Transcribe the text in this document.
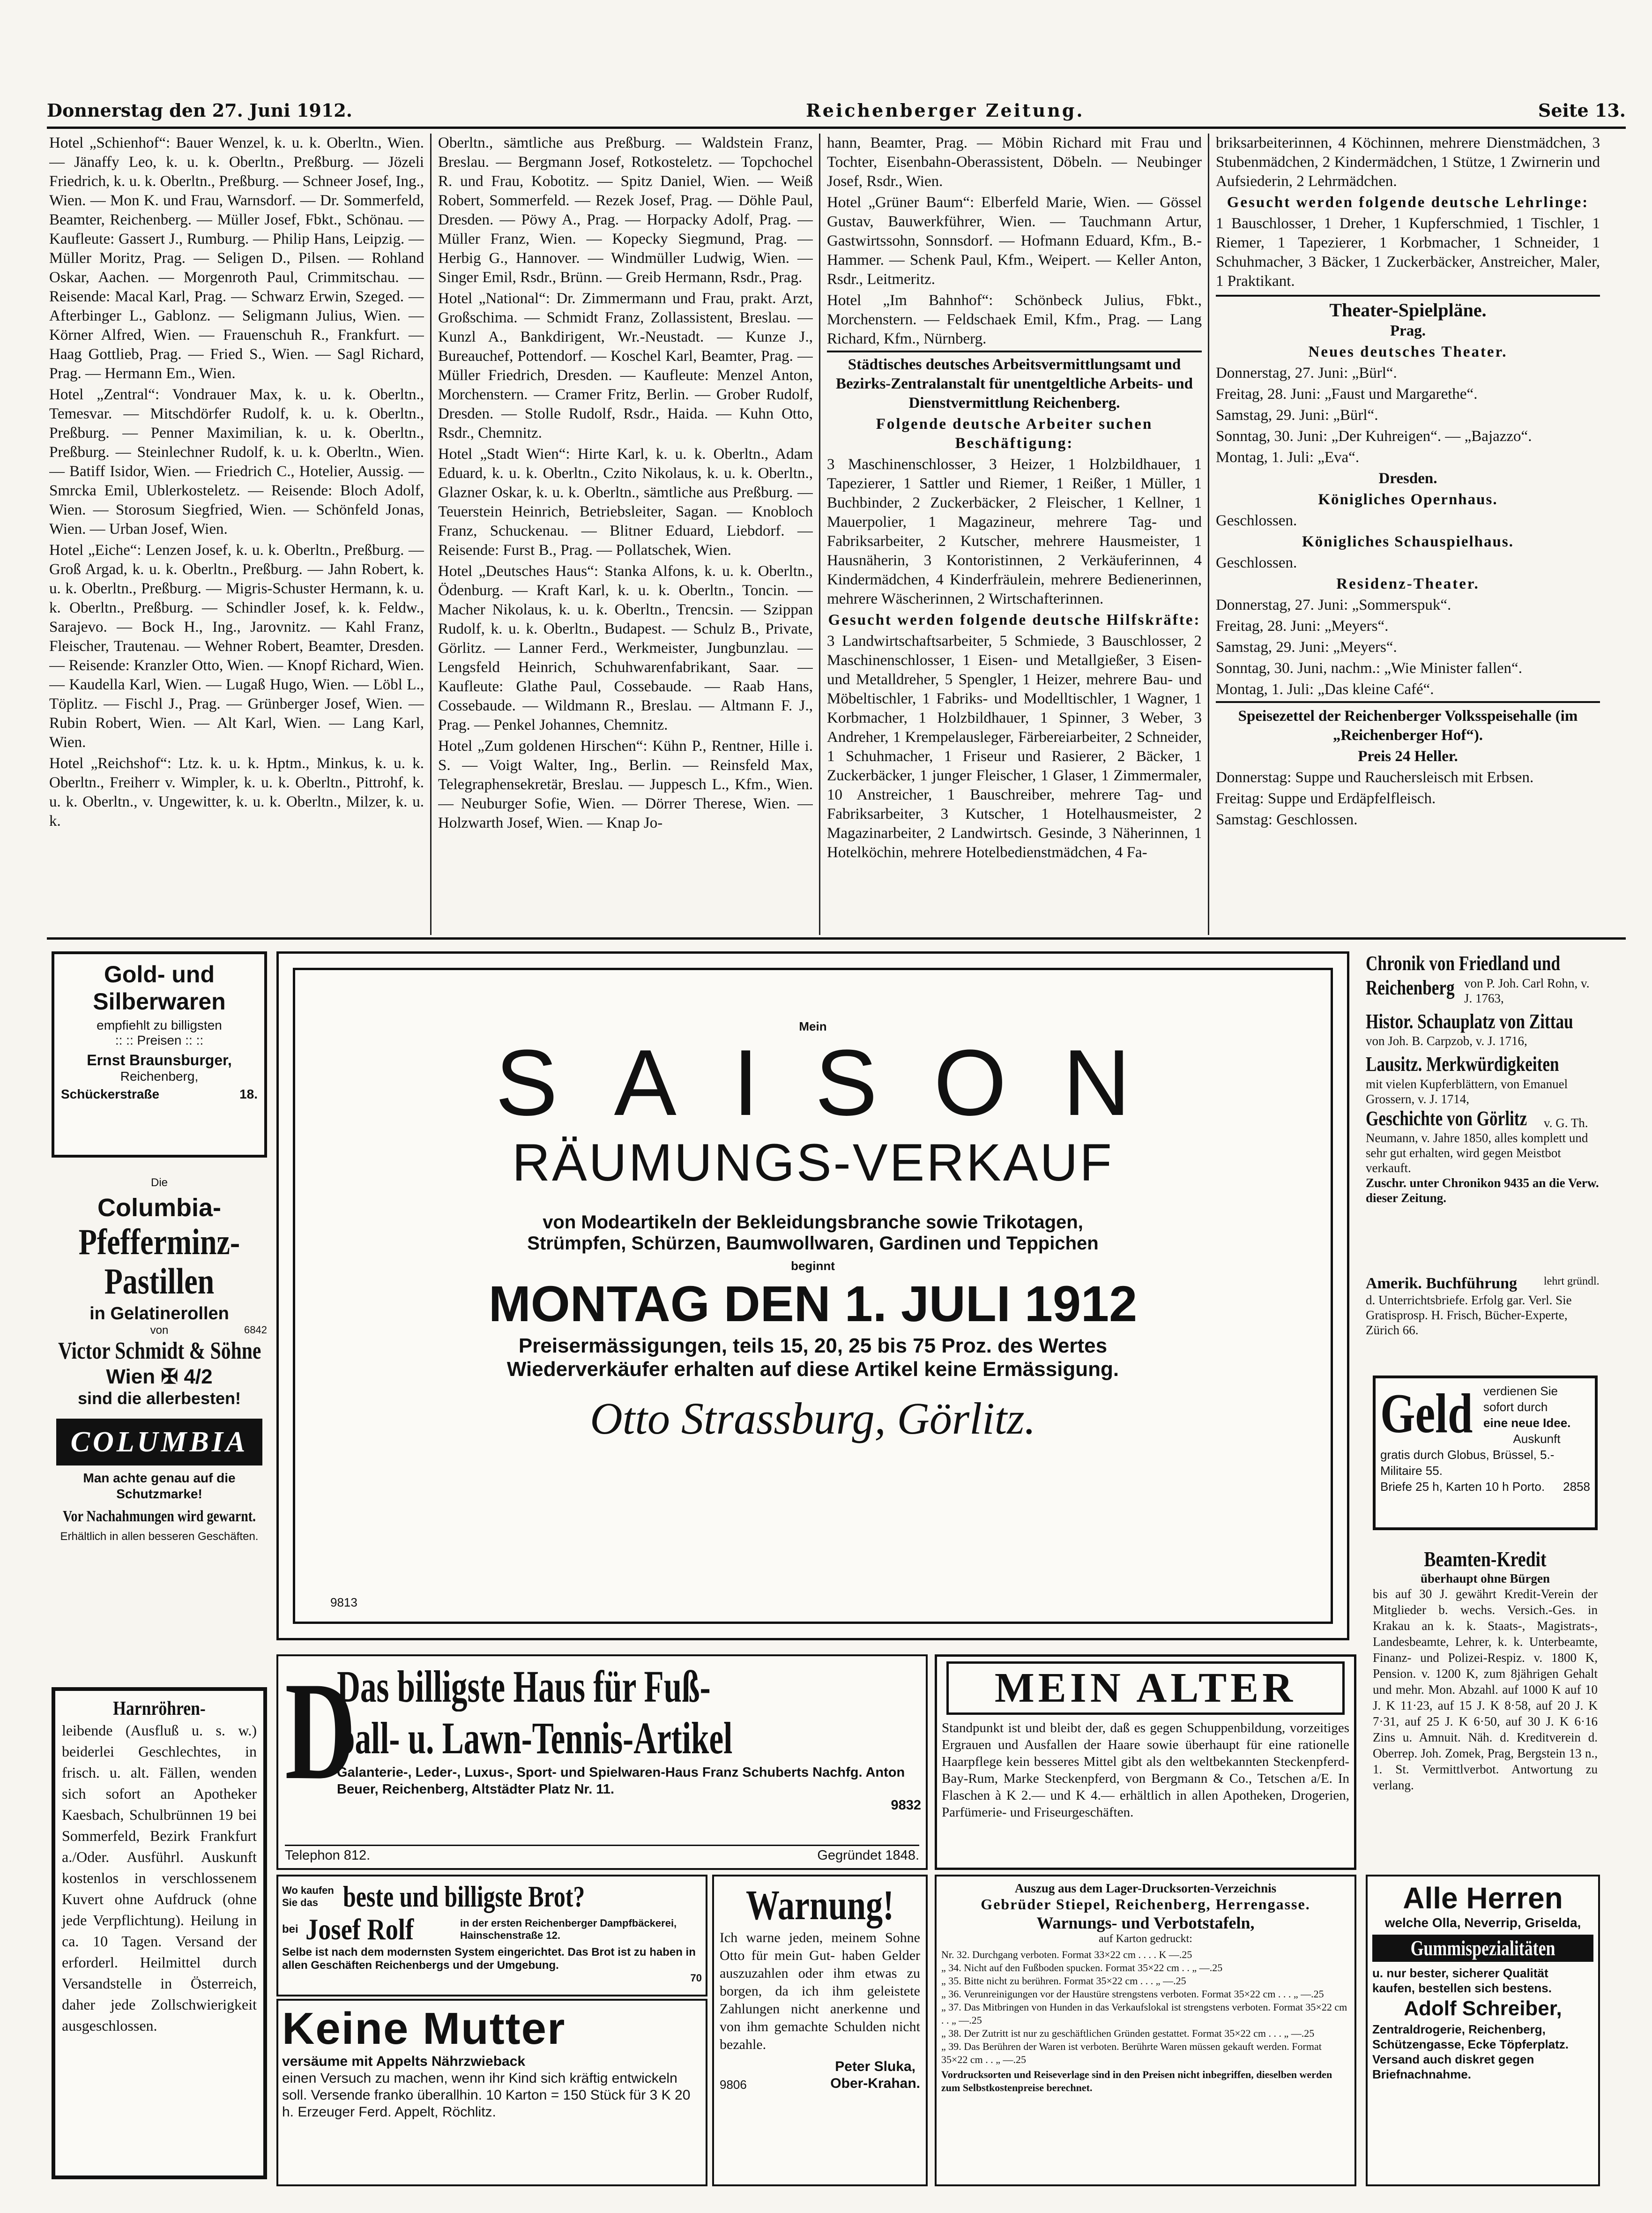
Donnerstag den 27. Juni 1912.	Reichenberger Zeitung.	Seite 13.

Hotel „Schienhof“: Bauer Wenzel, k. u. k. Oberltn., Wien. — Jänaffy Leo, k. u. k. Oberltn., Preßburg. — Jözeli Friedrich, k. u. k. Oberltn., Preßburg. — Schneer Josef, Ing., Wien. — Mon K. und Frau, Warnsdorf. — Dr. Sommerfeld, Beamter, Reichenberg. — Müller Josef, Fbkt., Schönau. — Kaufleute: Gassert J., Rumburg. — Philip Hans, Leipzig. — Müller Moritz, Prag. — Seligen D., Pilsen. — Rohland Oskar, Aachen. — Morgenroth Paul, Crimmitschau. — Reisende: Macal Karl, Prag. — Schwarz Erwin, Szeged. — Afterbinger L., Gablonz. — Seligmann Julius, Wien. — Körner Alfred, Wien. — Frauenschuh R., Frankfurt. — Haag Gottlieb, Prag. — Fried S., Wien. — Sagl Richard, Prag. — Hermann Em., Wien.

Hotel „Zentral“: Vondrauer Max, k. u. k. Oberltn., Temesvar. — Mitschdörfer Rudolf, k. u. k. Oberltn., Preßburg. — Penner Maximilian, k. u. k. Oberltn., Preßburg. — Steinlechner Rudolf, k. u. k. Oberltn., Wien. — Batiff Isidor, Wien. — Friedrich C., Hotelier, Aussig. — Smrcka Emil, Ublerkosteletz. — Reisende: Bloch Adolf, Wien. — Storosum Siegfried, Wien. — Schönfeld Jonas, Wien. — Urban Josef, Wien.

Hotel „Eiche“: Lenzen Josef, k. u. k. Oberltn., Preßburg. — Groß Argad, k. u. k. Oberltn., Preßburg. — Jahn Robert, k. u. k. Oberltn., Preßburg. — Migris-Schuster Hermann, k. u. k. Oberltn., Preßburg. — Schindler Josef, k. k. Feldw., Sarajevo. — Bock H., Ing., Jarovnitz. — Kahl Franz, Fleischer, Trautenau. — Wehner Robert, Beamter, Dresden. — Reisende: Kranzler Otto, Wien. — Knopf Richard, Wien. — Kaudella Karl, Wien. — Lugaß Hugo, Wien. — Löbl L., Töplitz. — Fischl J., Prag. — Grünberger Josef, Wien. — Rubin Robert, Wien. — Alt Karl, Wien. — Lang Karl, Wien.

Hotel „Reichshof“: Ltz. k. u. k. Hptm., Minkus, k. u. k. Oberltn., Freiherr v. Wimpler, k. u. k. Oberltn., Pittrohf, k. u. k. Oberltn., v. Ungewitter, k. u. k. Oberltn., Milzer, k. u. k.

Oberltn., sämtliche aus Preßburg. — Waldstein Franz, Breslau. — Bergmann Josef, Rotkosteletz. — Topchochel R. und Frau, Kobotitz. — Spitz Daniel, Wien. — Weiß Robert, Sommerfeld. — Rezek Josef, Prag. — Döhle Paul, Dresden. — Pöwy A., Prag. — Horpacky Adolf, Prag. — Müller Franz, Wien. — Kopecky Siegmund, Prag. — Herbig G., Hannover. — Windmüller Ludwig, Wien. — Singer Emil, Rsdr., Brünn. — Greib Hermann, Rsdr., Prag.

Hotel „National“: Dr. Zimmermann und Frau, prakt. Arzt, Großschima. — Schmidt Franz, Zollassistent, Breslau. — Kunzl A., Bankdirigent, Wr.-Neustadt. — Kunze J., Bureauchef, Pottendorf. — Koschel Karl, Beamter, Prag. — Müller Friedrich, Dresden. — Kaufleute: Menzel Anton, Morchenstern. — Cramer Fritz, Berlin. — Grober Rudolf, Dresden. — Stolle Rudolf, Rsdr., Haida. — Kuhn Otto, Rsdr., Chemnitz.

Hotel „Stadt Wien“: Hirte Karl, k. u. k. Oberltn., Adam Eduard, k. u. k. Oberltn., Czito Nikolaus, k. u. k. Oberltn., Glazner Oskar, k. u. k. Oberltn., sämtliche aus Preßburg. — Teuerstein Heinrich, Betriebsleiter, Sagan. — Knobloch Franz, Schuckenau. — Blitner Eduard, Liebdorf. — Reisende: Furst B., Prag. — Pollatschek, Wien.

Hotel „Deutsches Haus“: Stanka Alfons, k. u. k. Oberltn., Ödenburg. — Kraft Karl, k. u. k. Oberltn., Toncin. — Macher Nikolaus, k. u. k. Oberltn., Trencsin. — Szippan Rudolf, k. u. k. Oberltn., Budapest. — Schulz B., Private, Görlitz. — Lanner Ferd., Werkmeister, Jungbunzlau. — Lengsfeld Heinrich, Schuhwarenfabrikant, Saar. — Kaufleute: Glathe Paul, Cossebaude. — Raab Hans, Cossebaude. — Wildmann R., Breslau. — Altmann F. J., Prag. — Penkel Johannes, Chemnitz.

Hotel „Zum goldenen Hirschen“: Kühn P., Rentner, Hille i. S. — Voigt Walter, Ing., Berlin. — Reinsfeld Max, Telegraphensekretär, Breslau. — Juppesch L., Kfm., Wien. — Neuburger Sofie, Wien. — Dörrer Therese, Wien. — Holzwarth Josef, Wien. — Knap Jo-

hann, Beamter, Prag. — Möbin Richard mit Frau und Tochter, Eisenbahn-Oberassistent, Döbeln. — Neubinger Josef, Rsdr., Wien.

Hotel „Grüner Baum“: Elberfeld Marie, Wien. — Gössel Gustav, Bauwerkführer, Wien. — Tauchmann Artur, Gastwirtssohn, Sonnsdorf. — Hofmann Eduard, Kfm., B.-Hammer. — Schenk Paul, Kfm., Weipert. — Keller Anton, Rsdr., Leitmeritz.

Hotel „Im Bahnhof“: Schönbeck Julius, Fbkt., Morchenstern. — Feldschaek Emil, Kfm., Prag. — Lang Richard, Kfm., Nürnberg.

Städtisches deutsches Arbeitsvermittlungsamt und Bezirks-Zentralanstalt für unentgeltliche Arbeits- und Dienstvermittlung Reichenberg.

Folgende deutsche Arbeiter suchen Beschäftigung:

3 Maschinenschlosser, 3 Heizer, 1 Holzbildhauer, 1 Tapezierer, 1 Sattler und Riemer, 1 Reißer, 1 Müller, 1 Buchbinder, 2 Zuckerbäcker, 2 Fleischer, 1 Kellner, 1 Mauerpolier, 1 Magazineur, mehrere Tag- und Fabriksarbeiter, 2 Kutscher, mehrere Hausmeister, 1 Hausnäherin, 3 Kontoristinnen, 2 Verkäuferinnen, 4 Kindermädchen, 4 Kinderfräulein, mehrere Bedienerinnen, mehrere Wäscherinnen, 2 Wirtschafterinnen.

Gesucht werden folgende deutsche Hilfskräfte:

3 Landwirtschaftsarbeiter, 5 Schmiede, 3 Bauschlosser, 2 Maschinenschlosser, 1 Eisen- und Metallgießer, 3 Eisen- und Metalldreher, 5 Spengler, 1 Heizer, mehrere Bau- und Möbeltischler, 1 Fabriks- und Modelltischler, 1 Wagner, 1 Korbmacher, 1 Holzbildhauer, 1 Spinner, 3 Weber, 3 Andreher, 1 Krempelausleger, Färbereiarbeiter, 2 Schneider, 1 Schuhmacher, 1 Friseur und Rasierer, 2 Bäcker, 1 Zuckerbäcker, 1 junger Fleischer, 1 Glaser, 1 Zimmermaler, 10 Anstreicher, 1 Bauschreiber, mehrere Tag- und Fabriksarbeiter, 3 Kutscher, 1 Hotelhausmeister, 2 Magazinarbeiter, 2 Landwirtsch. Gesinde, 3 Näherinnen, 1 Hotelköchin, mehrere Hotelbedienstmädchen, 4 Fa-

briksarbeiterinnen, 4 Köchinnen, mehrere Dienstmädchen, 3 Stubenmädchen, 2 Kindermädchen, 1 Stütze, 1 Zwirnerin und Aufsiederin, 2 Lehrmädchen.

Gesucht werden folgende deutsche Lehrlinge:

1 Bauschlosser, 1 Dreher, 1 Kupferschmied, 1 Tischler, 1 Riemer, 1 Tapezierer, 1 Korbmacher, 1 Schneider, 1 Schuhmacher, 3 Bäcker, 1 Zuckerbäcker, Anstreicher, Maler, 1 Praktikant.

Theater-Spielpläne.

Prag.

Neues deutsches Theater.

Donnerstag, 27. Juni: „Bürl“.

Freitag, 28. Juni: „Faust und Margarethe“.

Samstag, 29. Juni: „Bürl“.

Sonntag, 30. Juni: „Der Kuhreigen“. — „Bajazzo“.

Montag, 1. Juli: „Eva“.

Dresden.

Königliches Opernhaus.

Geschlossen.

Königliches Schauspielhaus.

Geschlossen.

Residenz-Theater.

Donnerstag, 27. Juni: „Sommerspuk“.

Freitag, 28. Juni: „Meyers“.

Samstag, 29. Juni: „Meyers“.

Sonntag, 30. Juni, nachm.: „Wie Minister fallen“.

Montag, 1. Juli: „Das kleine Café“.

Speisezettel der Reichenberger Volksspeisehalle (im „Reichenberger Hof“).

Preis 24 Heller.

Donnerstag: Suppe und Rauchersleisch mit Erbsen.

Freitag: Suppe und Erdäpfelfleisch.

Samstag: Geschlossen.

Gold- und
Silberwaren
empfiehlt zu billigsten
:: :: Preisen :: ::
Ernst Braunsburger,
Reichenberg,
Schückerstraße	18.
Die
Columbia-
Pfefferminz-
Pastillen
in Gelatinerollen
von	6842
Victor Schmidt & Söhne
Wien ✠ 4/2
sind die allerbesten!
COLUMBIA
Man achte genau auf die Schutzmarke!
Vor Nachahmungen wird gewarnt.
Erhältlich in allen besseren Geschäften.
Harnröhren-
leibende (Ausfluß u. s. w.) beiderlei Geschlechtes, in frisch. u. alt. Fällen, wenden sich sofort an Apotheker Kaesbach, Schulbrünnen 19 bei Sommerfeld, Bezirk Frankfurt a./Oder. Ausführl. Auskunft kostenlos in verschlossenem Kuvert ohne Aufdruck (ohne jede Verpflichtung). Heilung in ca. 10 Tagen. Versand der erforderl. Heilmittel durch Versandstelle in Österreich, daher jede Zollschwierigkeit ausgeschlossen.
Mein
SAISON
RÄUMUNGS-VERKAUF
von Modeartikeln der Bekleidungsbranche sowie Trikotagen,
Strümpfen, Schürzen, Baumwollwaren, Gardinen und Teppichen
beginnt
MONTAG DEN 1. JULI 1912
Preisermässigungen, teils 15, 20, 25 bis 75 Proz. des Wertes
Wiederverkäufer erhalten auf diese Artikel keine Ermässigung.
Otto Strassburg, Görlitz.
9813
Chronik von Friedland und
Reichenberg von P. Joh. Carl Rohn, v. J. 1763,
Histor. Schauplatz von Zittau
von Joh. B. Carpzob, v. J. 1716,
Lausitz. Merkwürdigkeiten
mit vielen Kupferblättern, von Emanuel Grossern, v. J. 1714,
Geschichte von Görlitz v. G. Th.
Neumann, v. Jahre 1850, alles komplett und sehr gut erhalten, wird gegen Meistbot verkauft.
Zuschr. unter Chronikon 9435 an die Verw. dieser Zeitung.
Amerik. Buchführung	lehrt gründl.
d. Unterrichtsbriefe. Erfolg gar. Verl. Sie Gratisprosp. H. Frisch, Bücher-Experte, Zürich 66.
Geld verdienen Sie sofort durch
eine neue Idee.
Auskunft
gratis durch Globus, Brüssel, 5.-Militaire 55.
Briefe 25 h, Karten 10 h Porto. 2858
Beamten-Kredit
überhaupt ohne Bürgen
bis auf 30 J. gewährt Kredit-Verein der Mitglieder b. wechs. Versich.-Ges. in Krakau an k. k. Staats-, Magistrats-, Landesbeamte, Lehrer, k. k. Unterbeamte, Finanz- und Polizei-Respiz. v. 1800 K, Pension. v. 1200 K, zum 8jährigen Gehalt und mehr. Mon. Abzahl. auf 1000 K auf 10 J. K 11·23, auf 15 J. K 8·58, auf 20 J. K 7·31, auf 25 J. K 6·50, auf 30 J. K 6·16 Zins u. Amnuit. Näh. d. Kreditverein d. Oberrep. Joh. Zomek, Prag, Bergstein 13 n., 1. St. Vermittlverbot. Antwortung zu verlang.
D
Das billigste Haus für Fuß-
ball- u. Lawn-Tennis-Artikel
Galanterie-, Leder-, Luxus-, Sport- und Spielwaren-Haus Franz Schuberts Nachfg. Anton Beuer, Reichenberg, Altstädter Platz Nr. 11.
9832
Telephon 812.	Gegründet 1848.
MEIN ALTER
Standpunkt ist und bleibt der, daß es gegen Schuppenbildung, vorzeitiges Ergrauen und Ausfallen der Haare sowie überhaupt für eine rationelle Haarpflege kein besseres Mittel gibt als den weltbekannten Steckenpferd-Bay-Rum, Marke Steckenpferd, von Bergmann & Co., Tetschen a/E. In Flaschen à K 2.— und K 4.— erhältlich in allen Apotheken, Drogerien, Parfümerie- und Friseurgeschäften.
Wo kaufen Sie das beste und billigste Brot?
bei Josef Rolf	in der ersten Reichenberger Dampfbäckerei, Hainschenstraße 12.
Selbe ist nach dem modernsten System eingerichtet. Das Brot ist zu haben in allen Geschäften Reichenbergs und der Umgebung.
70
Keine Mutter
versäume mit Appelts Nährzwieback
einen Versuch zu machen, wenn ihr Kind sich kräftig entwickeln soll. Versende franko überallhin. 10 Karton = 150 Stück für 3 K 20 h. Erzeuger Ferd. Appelt, Röchlitz.
Warnung!
Ich warne jeden, meinem Sohne Otto für mein Gut- haben Gelder auszuzahlen oder ihm etwas zu borgen, da ich ihm geleistete Zahlungen nicht anerkenne und von ihm gemachte Schulden nicht bezahle.
9806
Peter Sluka,
Ober-Krahan.
Auszug aus dem Lager-Drucksorten-Verzeichnis
Gebrüder Stiepel, Reichenberg, Herrengasse.
Warnungs- und Verbotstafeln,
auf Karton gedruckt:
Nr. 32. Durchgang verboten. Format 33×22 cm . . . . K —.25
„ 34. Nicht auf den Fußboden spucken. Format 35×22 cm . . „ —.25
„ 35. Bitte nicht zu berühren. Format 35×22 cm . . . „ —.25
„ 36. Verunreinigungen vor der Haustüre strengstens verboten. Format 35×22 cm . . . „ —.25
„ 37. Das Mitbringen von Hunden in das Verkaufslokal ist strengstens verboten. Format 35×22 cm . . „ —.25
„ 38. Der Zutritt ist nur zu geschäftlichen Gründen gestattet. Format 35×22 cm . . . „ —.25
„ 39. Das Berühren der Waren ist verboten. Berührte Waren müssen gekauft werden. Format 35×22 cm . . „ —.25
Vordrucksorten und Reiseverlage sind in den Preisen nicht inbegriffen, dieselben werden zum Selbstkostenpreise berechnet.
Alle Herren
welche Olla, Neverrip, Griselda,
Gummispezialitäten
u. nur bester, sicherer Qualität kaufen, bestellen sich bestens.
Adolf Schreiber,
Zentraldrogerie, Reichenberg, Schützengasse, Ecke Töpferplatz.
Versand auch diskret gegen Briefnachnahme.
